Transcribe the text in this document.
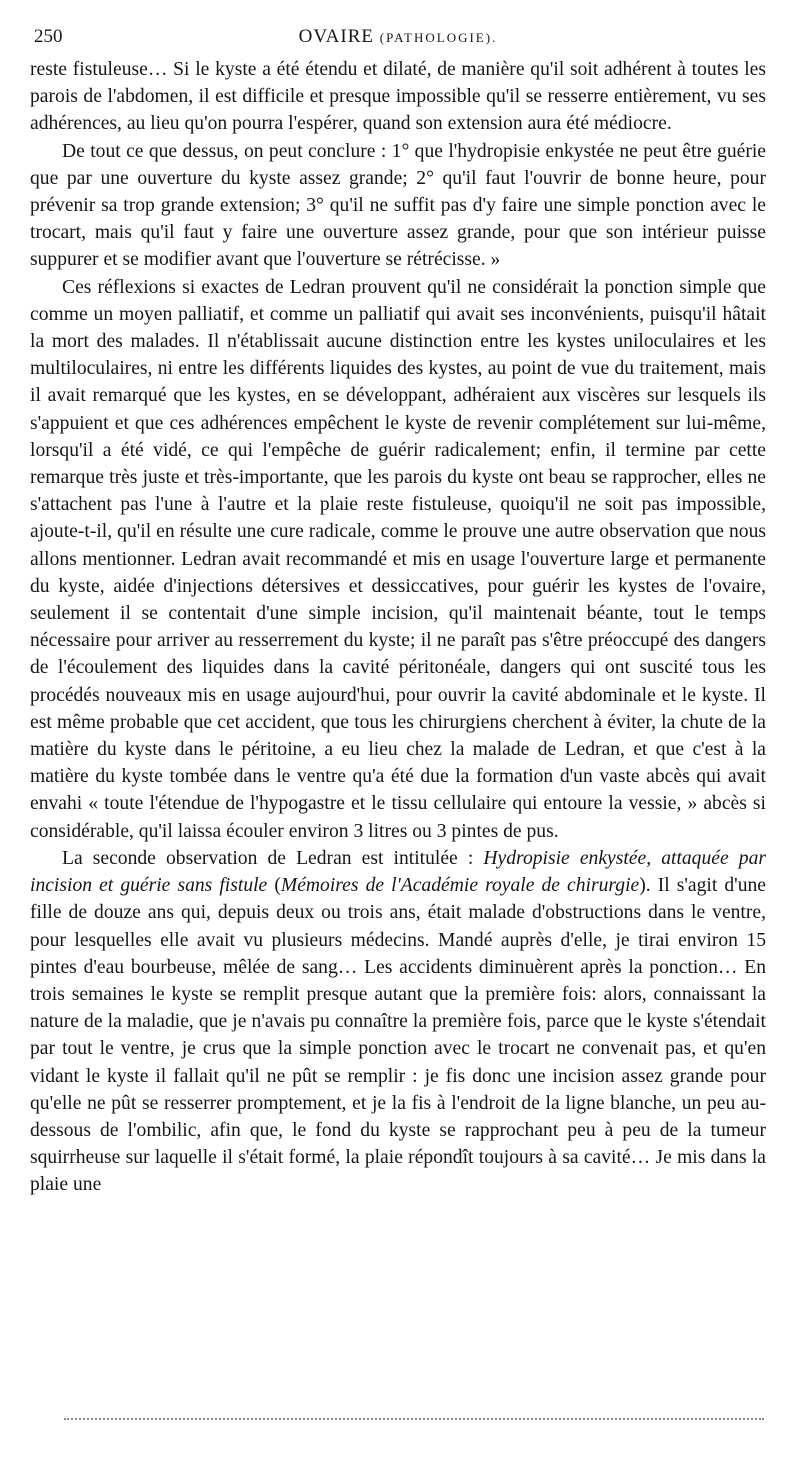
250	OVAIRE (PATHOLOGIE).

reste fistuleuse… Si le kyste a été étendu et dilaté, de manière qu'il soit adhérent à toutes les parois de l'abdomen, il est difficile et presque impossible qu'il se resserre entièrement, vu ses adhérences, au lieu qu'on pourra l'espérer, quand son extension aura été médiocre.

De tout ce que dessus, on peut conclure : 1° que l'hydropisie enkystée ne peut être guérie que par une ouverture du kyste assez grande; 2° qu'il faut l'ouvrir de bonne heure, pour prévenir sa trop grande extension; 3° qu'il ne suffit pas d'y faire une simple ponction avec le trocart, mais qu'il faut y faire une ouverture assez grande, pour que son intérieur puisse suppurer et se modifier avant que l'ouverture se rétrécisse. »

Ces réflexions si exactes de Ledran prouvent qu'il ne considérait la ponction simple que comme un moyen palliatif, et comme un palliatif qui avait ses inconvénients, puisqu'il hâtait la mort des malades. Il n'établissait aucune distinction entre les kystes uniloculaires et les multiloculaires, ni entre les différents liquides des kystes, au point de vue du traitement, mais il avait remarqué que les kystes, en se développant, adhéraient aux viscères sur lesquels ils s'appuient et que ces adhérences empêchent le kyste de revenir complétement sur lui-même, lorsqu'il a été vidé, ce qui l'empêche de guérir radicalement; enfin, il termine par cette remarque très juste et très-importante, que les parois du kyste ont beau se rapprocher, elles ne s'attachent pas l'une à l'autre et la plaie reste fistuleuse, quoiqu'il ne soit pas impossible, ajoute-t-il, qu'il en résulte une cure radicale, comme le prouve une autre observation que nous allons mentionner. Ledran avait recommandé et mis en usage l'ouverture large et permanente du kyste, aidée d'injections détersives et dessiccatives, pour guérir les kystes de l'ovaire, seulement il se contentait d'une simple incision, qu'il maintenait béante, tout le temps nécessaire pour arriver au resserrement du kyste; il ne paraît pas s'être préoccupé des dangers de l'écoulement des liquides dans la cavité péritonéale, dangers qui ont suscité tous les procédés nouveaux mis en usage aujourd'hui, pour ouvrir la cavité abdominale et le kyste. Il est même probable que cet accident, que tous les chirurgiens cherchent à éviter, la chute de la matière du kyste dans le péritoine, a eu lieu chez la malade de Ledran, et que c'est à la matière du kyste tombée dans le ventre qu'a été due la formation d'un vaste abcès qui avait envahi « toute l'étendue de l'hypogastre et le tissu cellulaire qui entoure la vessie, » abcès si considérable, qu'il laissa écouler environ 3 litres ou 3 pintes de pus.

La seconde observation de Ledran est intitulée : Hydropisie enkystée, attaquée par incision et guérie sans fistule (Mémoires de l'Académie royale de chirurgie). Il s'agit d'une fille de douze ans qui, depuis deux ou trois ans, était malade d'obstructions dans le ventre, pour lesquelles elle avait vu plusieurs médecins. Mandé auprès d'elle, je tirai environ 15 pintes d'eau bourbeuse, mêlée de sang… Les accidents diminuèrent après la ponction… En trois semaines le kyste se remplit presque autant que la première fois: alors, connaissant la nature de la maladie, que je n'avais pu connaître la première fois, parce que le kyste s'étendait par tout le ventre, je crus que la simple ponction avec le trocart ne convenait pas, et qu'en vidant le kyste il fallait qu'il ne pût se remplir : je fis donc une incision assez grande pour qu'elle ne pût se resserrer promptement, et je la fis à l'endroit de la ligne blanche, un peu au-dessous de l'ombilic, afin que, le fond du kyste se rapprochant peu à peu de la tumeur squirrheuse sur laquelle il s'était formé, la plaie répondît toujours à sa cavité… Je mis dans la plaie une
